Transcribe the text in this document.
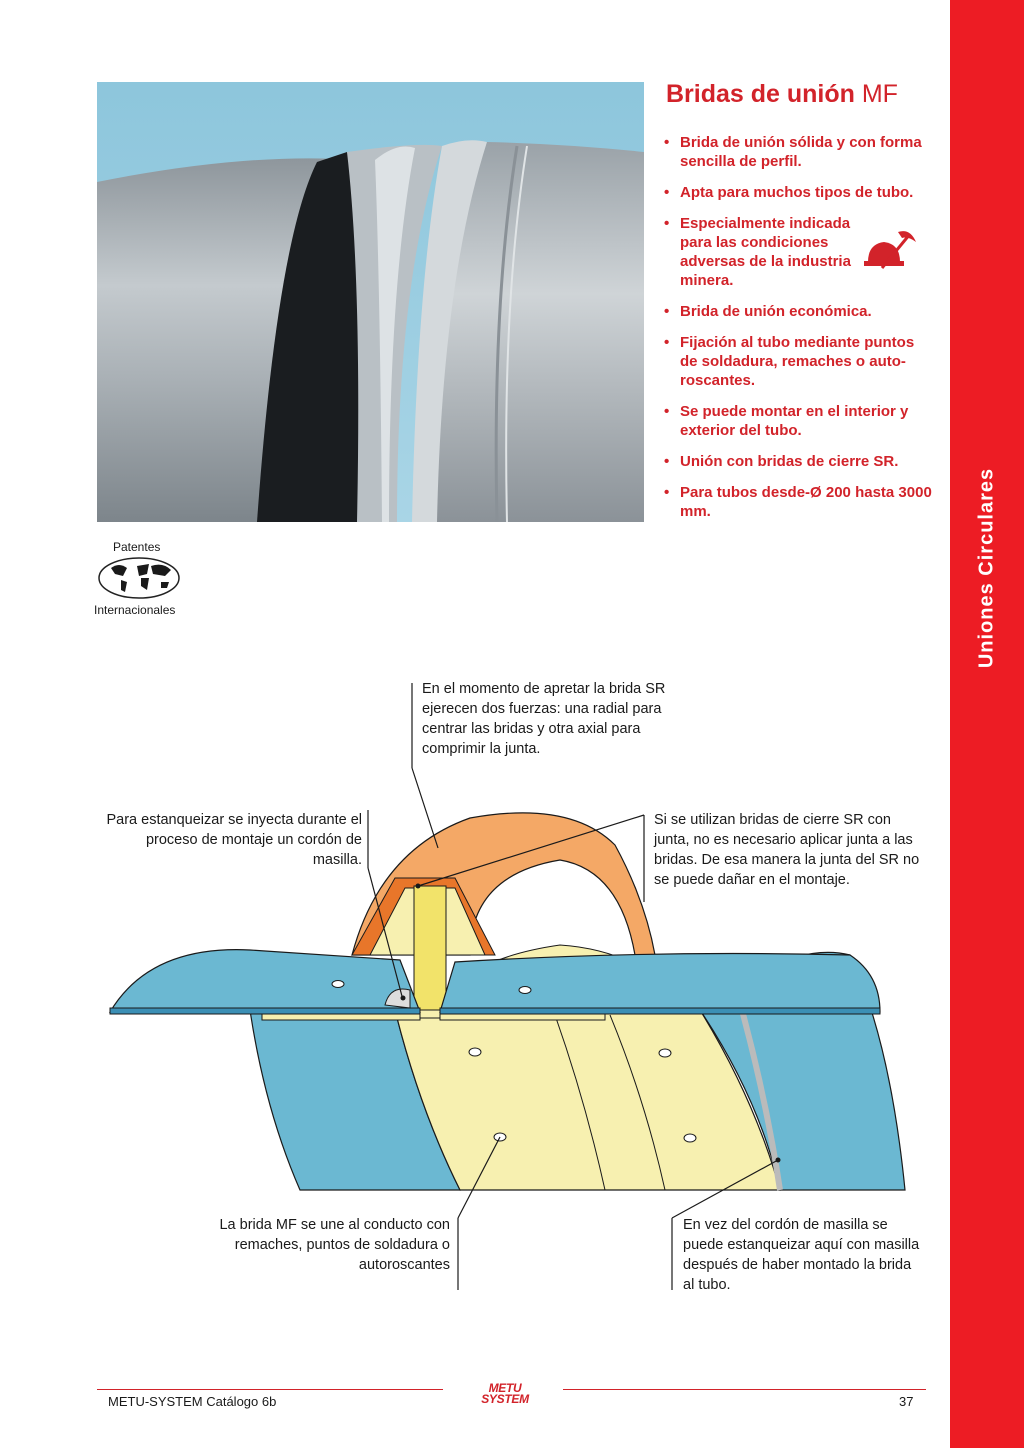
Uniones Circulares
Bridas de unión MF
• Brida de unión sólida y con forma sencilla de perfil.
• Apta para muchos tipos de tubo.
• Especialmente indicada para las condiciones adversas de la industria minera.
• Brida de unión económica.
• Fijación al tubo mediante puntos de soldadura, remaches o auto-roscantes.
• Se puede montar en el interior y exterior del tubo.
• Unión con bridas de cierre SR.
• Para tubos desde-Ø 200 hasta 3000 mm.
Patentes
Internacionales
En el momento de apretar la brida SR ejerecen dos fuerzas: una radial para centrar las bridas y otra axial para comprimir la junta.
Para estanqueizar se inyecta durante el proceso de montaje un cordón de masilla.
Si se utilizan bridas de cierre SR con junta, no es necesario aplicar junta a las bridas. De esa manera la junta del SR no se puede dañar en el montaje.
La brida MF se une al conducto con remaches, puntos de soldadura o autoroscantes
En vez del cordón de masilla se puede estanqueizar aquí con masilla después de haber montado la brida al tubo.
METU-SYSTEM Catálogo 6b
METU
SYSTEM	37
